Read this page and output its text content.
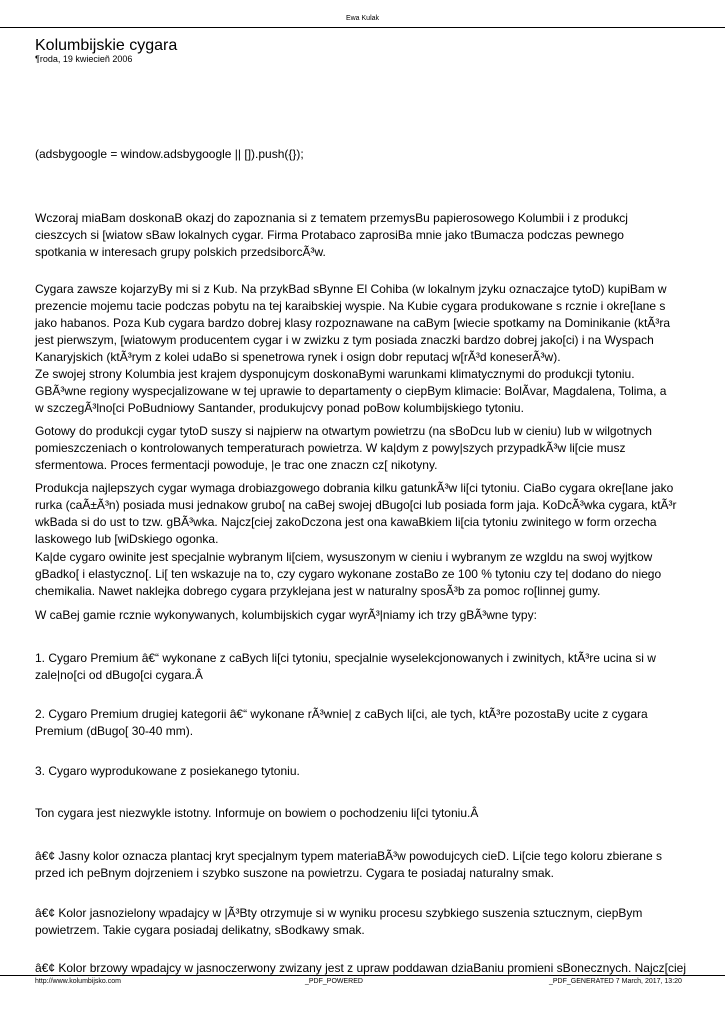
Ewa Kulak
Kolumbijskie cygara
¶roda, 19 kwiecieñ 2006

(adsbygoogle = window.adsbygoogle || []).push({});

Wczoraj miaBam doskonaB okazj do zapoznania si z tematem przemysBu papierosowego Kolumbii i z produkcj
cieszcych si [wiatow sBaw lokalnych cygar. Firma Protabaco zaprosiBa mnie jako tBumacza podczas pewnego
spotkania w interesach grupy polskich przedsiborcÃ³w.

Cygara zawsze kojarzyBy mi si z Kub. Na przykBad sBynne El Cohiba (w lokalnym jzyku oznaczajce tytoD) kupiBam w
prezencie mojemu tacie podczas pobytu na tej karaibskiej wyspie. Na Kubie cygara produkowane s rcznie i okre[lane s
jako habanos. Poza Kub cygara bardzo dobrej klasy rozpoznawane na caBym [wiecie spotkamy na Dominikanie (ktÃ³ra
jest pierwszym, [wiatowym producentem cygar i w zwizku z tym posiada znaczki bardzo dobrej jako[ci) i na Wyspach
Kanaryjskich (ktÃ³rym z kolei udaBo si spenetrowa rynek i osign dobr reputacj w[rÃ³d koneserÃ³w).

Ze swojej strony Kolumbia jest krajem dysponujcym doskonaBymi warunkami klimatycznymi do produkcji tytoniu.
GBÃ³wne regiony wyspecjalizowane w tej uprawie to departamenty o ciepBym klimacie: BolÃvar, Magdalena, Tolima, a
w szczegÃ³lno[ci PoBudniowy Santander, produkujcvy ponad poBow kolumbijskiego tytoniu.

Gotowy do produkcji cygar tytoD suszy si najpierw na otwartym powietrzu (na sBoDcu lub w cieniu) lub w wilgotnych
pomieszczeniach o kontrolowanych temperaturach powietrza. W ka|dym z powy|szych przypadkÃ³w li[cie musz
sfermentowa. Proces fermentacji powoduje, |e trac one znaczn cz[ nikotyny.

Produkcja najlepszych cygar wymaga drobiazgowego dobrania kilku gatunkÃ³w li[ci tytoniu. CiaBo cygara okre[lane jako
rurka (caÃ±Ã³n) posiada musi jednakow grubo[ na caBej swojej dBugo[ci lub posiada form jaja. KoDcÃ³wka cygara, ktÃ³r
wkBada si do ust to tzw. gBÃ³wka. Najcz[ciej zakoDczona jest ona kawaBkiem li[cia tytoniu zwinitego w form orzecha
laskowego lub [wiDskiego ogonka.

Ka|de cygaro owinite jest specjalnie wybranym li[ciem, wysuszonym w cieniu i wybranym ze wzgldu na swoj wyjtkow
gBadko[ i elastyczno[. Li[ ten wskazuje na to, czy cygaro wykonane zostaBo ze 100 % tytoniu czy te| dodano do niego
chemikalia. Nawet naklejka dobrego cygara przyklejana jest w naturalny sposÃ³b za pomoc ro[linnej gumy.

W caBej gamie rcznie wykonywanych, kolumbijskich cygar wyrÃ³|niamy ich trzy gBÃ³wne typy:

1. Cygaro Premium â€“ wykonane z caBych li[ci tytoniu, specjalnie wyselekcjonowanych i zwinitych, ktÃ³re ucina si w
zale|no[ci od dBugo[ci cygara.Â

2. Cygaro Premium drugiej kategorii â€“ wykonane rÃ³wnie| z caBych li[ci, ale tych, ktÃ³re pozostaBy ucite z cygara
Premium (dBugo[ 30-40 mm).

3. Cygaro wyprodukowane z posiekanego tytoniu.

Ton cygara jest niezwykle istotny. Informuje on bowiem o pochodzeniu li[ci tytoniu.Â

â€¢ Jasny kolor oznacza plantacj kryt specjalnym typem materiaBÃ³w powodujcych cieD. Li[cie tego koloru zbierane s
przed ich peBnym dojrzeniem i szybko suszone na powietrzu. Cygara te posiadaj naturalny smak.

â€¢ Kolor jasnozielony wpadajcy w |Ã³Bty otrzymuje si w wyniku procesu szybkiego suszenia sztucznym, ciepBym
powietrzem. Takie cygara posiadaj delikatny, sBodkawy smak.

â€¢ Kolor brzowy wpadajcy w jasnoczerwony zwizany jest z upraw poddawan dziaBaniu promieni sBonecznych. Najcz[ciej

http://www.kolumbijsko.com	_PDF_POWERED	_PDF_GENERATED 7 March, 2017, 13:20
